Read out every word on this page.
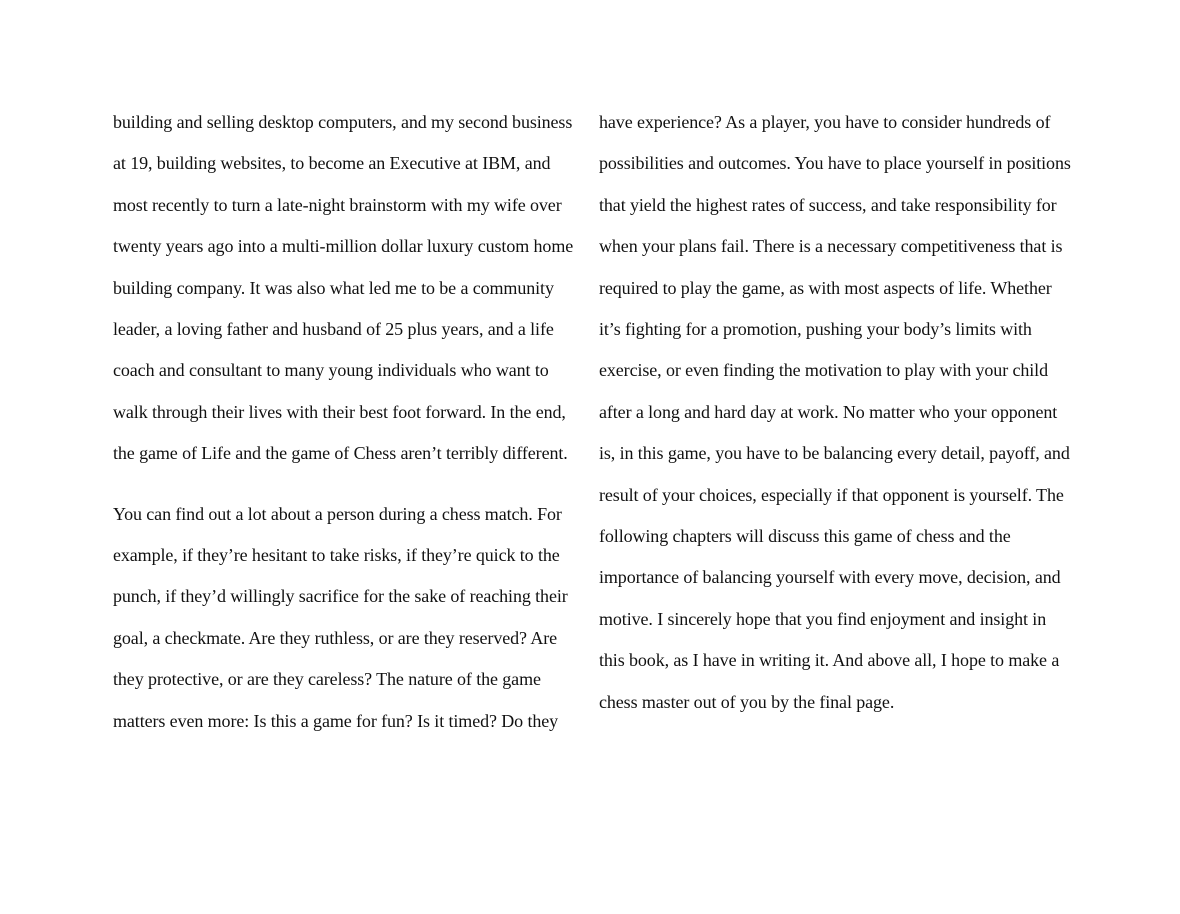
building and selling desktop computers, and my second business at 19, building websites, to become an Executive at IBM, and most recently to turn a late-night brainstorm with my wife over twenty years ago into a multi-million dollar luxury custom home building company. It was also what led me to be a community leader, a loving father and husband of 25 plus years, and a life coach and consultant to many young individuals who want to walk through their lives with their best foot forward. In the end, the game of Life and the game of Chess aren’t terribly different.

You can find out a lot about a person during a chess match. For example, if they’re hesitant to take risks, if they’re quick to the punch, if they’d willingly sacrifice for the sake of reaching their goal, a checkmate. Are they ruthless, or are they reserved? Are they protective, or are they careless? The nature of the game matters even more: Is this a game for fun? Is it timed? Do they

have experience? As a player, you have to consider hundreds of possibilities and outcomes. You have to place yourself in positions that yield the highest rates of success, and take responsibility for when your plans fail. There is a necessary competitiveness that is required to play the game, as with most aspects of life. Whether it’s fighting for a promotion, pushing your body’s limits with exercise, or even finding the motivation to play with your child after a long and hard day at work. No matter who your opponent is, in this game, you have to be balancing every detail, payoff, and result of your choices, especially if that opponent is yourself. The following chapters will discuss this game of chess and the importance of balancing yourself with every move, decision, and motive. I sincerely hope that you find enjoyment and insight in this book, as I have in writing it. And above all, I hope to make a chess master out of you by the final page.
